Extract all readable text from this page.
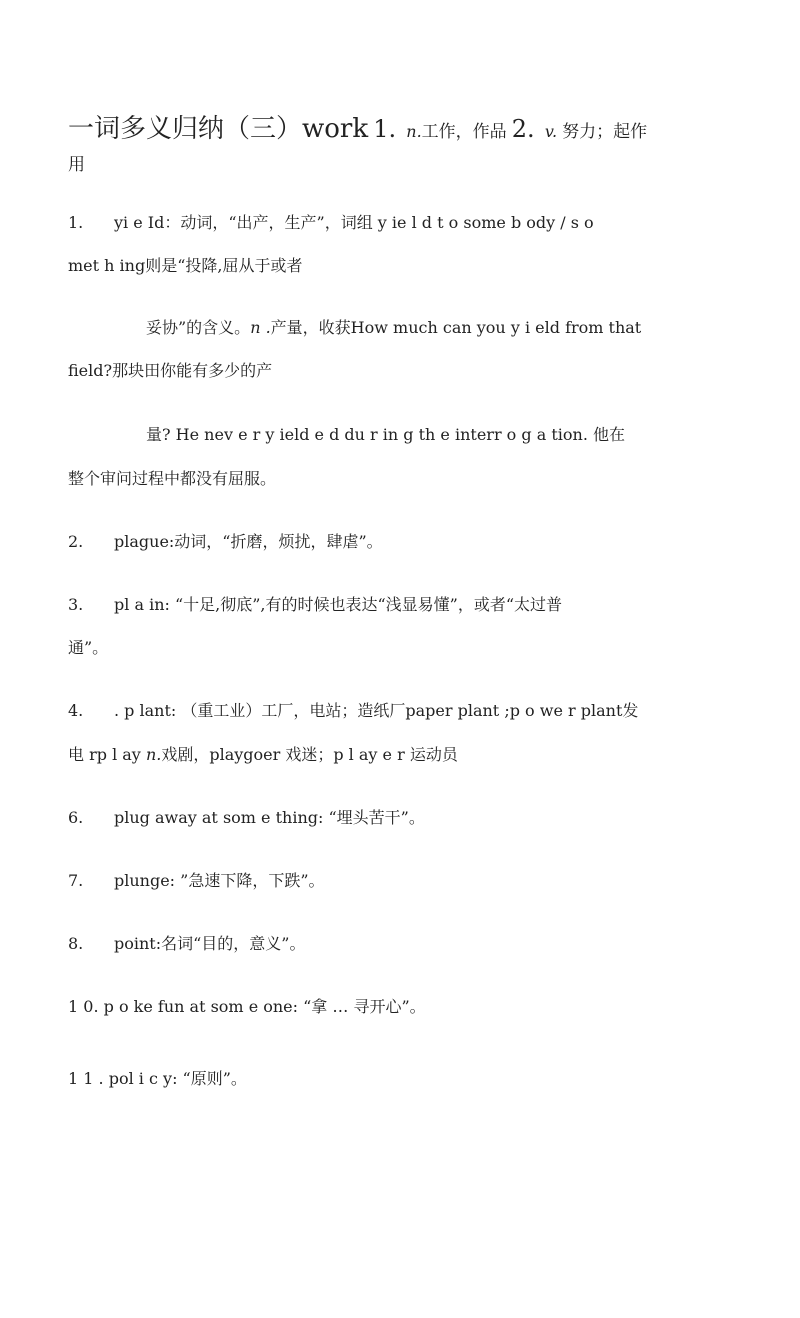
一词多义归纳（三）work 1. n.工作，作品 2. v. 努力；起作
用
1. yi e Id：动词，“出产，生产”，词组 y ie l d t o some b ody / s o
met h ing则是“投降,屈从于或者
妥协”的含义。n .产量，收获How much can you y i eld from that
field?那块田你能有多少的产
量? He nev e r y ield e d du r in g th e interr o g a tion. 他在
整个审问过程中都没有屈服。
2. plague:动词，“折磨，烦扰，肆虐”。
3. pl a in: “十足,彻底”,有的时候也表达“浅显易懂”，或者“太过普
通”。
4. . p lant: （重工业）工厂，电站；造纸厂paper plant ;p o we r plant发
电 rp l ay n.戏剧，playgoer 戏迷；p l ay e r 运动员
6. plug away at som e thing: “埋头苦干”。
7. plunge: ”急速下降，下跌”。
8. point:名词“目的，意义”。
1 0. p o ke fun at som e one: “拿 … 寻开心”。
1 1 . pol i c y: “原则”。
